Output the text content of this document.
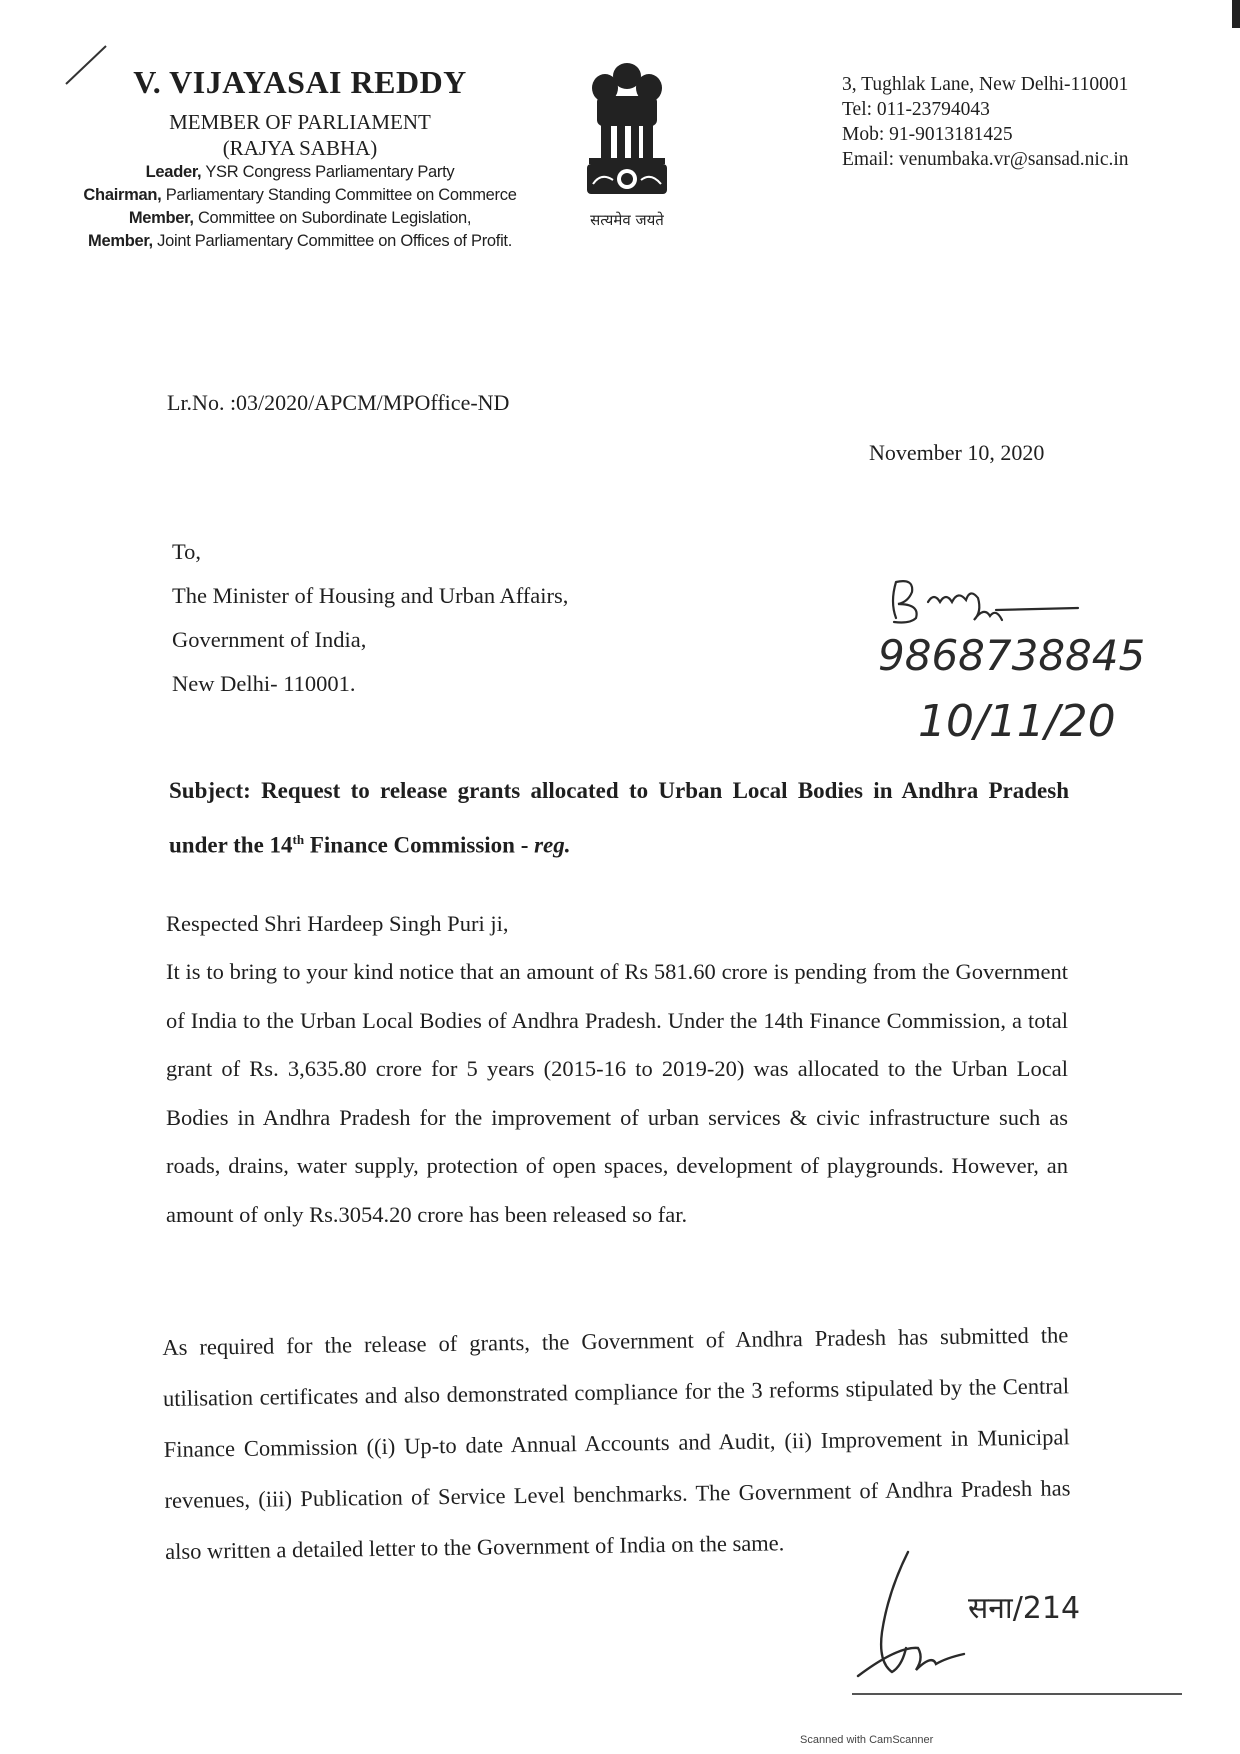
V. VIJAYASAI REDDY
MEMBER OF PARLIAMENT
(RAJYA SABHA)
Leader, YSR Congress Parliamentary Party
Chairman, Parliamentary Standing Committee on Commerce
Member, Committee on Subordinate Legislation,
Member, Joint Parliamentary Committee on Offices of Profit.
सत्यमेव जयते
3, Tughlak Lane, New Delhi-110001
Tel: 011-23794043
Mob: 91-9013181425
Email: venumbaka.vr@sansad.nic.in
Lr.No. :03/2020/APCM/MPOffice-ND
November 10, 2020
To,
The Minister of Housing and Urban Affairs,
Government of India,
New Delhi- 110001.
9868738845
10/11/20
Subject: Request to release grants allocated to Urban Local Bodies in Andhra Pradesh under the 14th Finance Commission - reg.
Respected Shri Hardeep Singh Puri ji,
It is to bring to your kind notice that an amount of Rs 581.60 crore is pending from the Government of India to the Urban Local Bodies of Andhra Pradesh. Under the 14th Finance Commission, a total grant of Rs. 3,635.80 crore for 5 years (2015-16 to 2019-20) was allocated to the Urban Local Bodies in Andhra Pradesh for the improvement of urban services & civic infrastructure such as roads, drains, water supply, protection of open spaces, development of playgrounds. However, an amount of only Rs.3054.20 crore has been released so far.
As required for the release of grants, the Government of Andhra Pradesh has submitted the utilisation certificates and also demonstrated compliance for the 3 reforms stipulated by the Central Finance Commission ((i) Up-to date Annual Accounts and Audit, (ii) Improvement in Municipal revenues, (iii) Publication of Service Level benchmarks. The Government of Andhra Pradesh has also written a detailed letter to the Government of India on the same.
सना/214
Scanned with CamScanner
